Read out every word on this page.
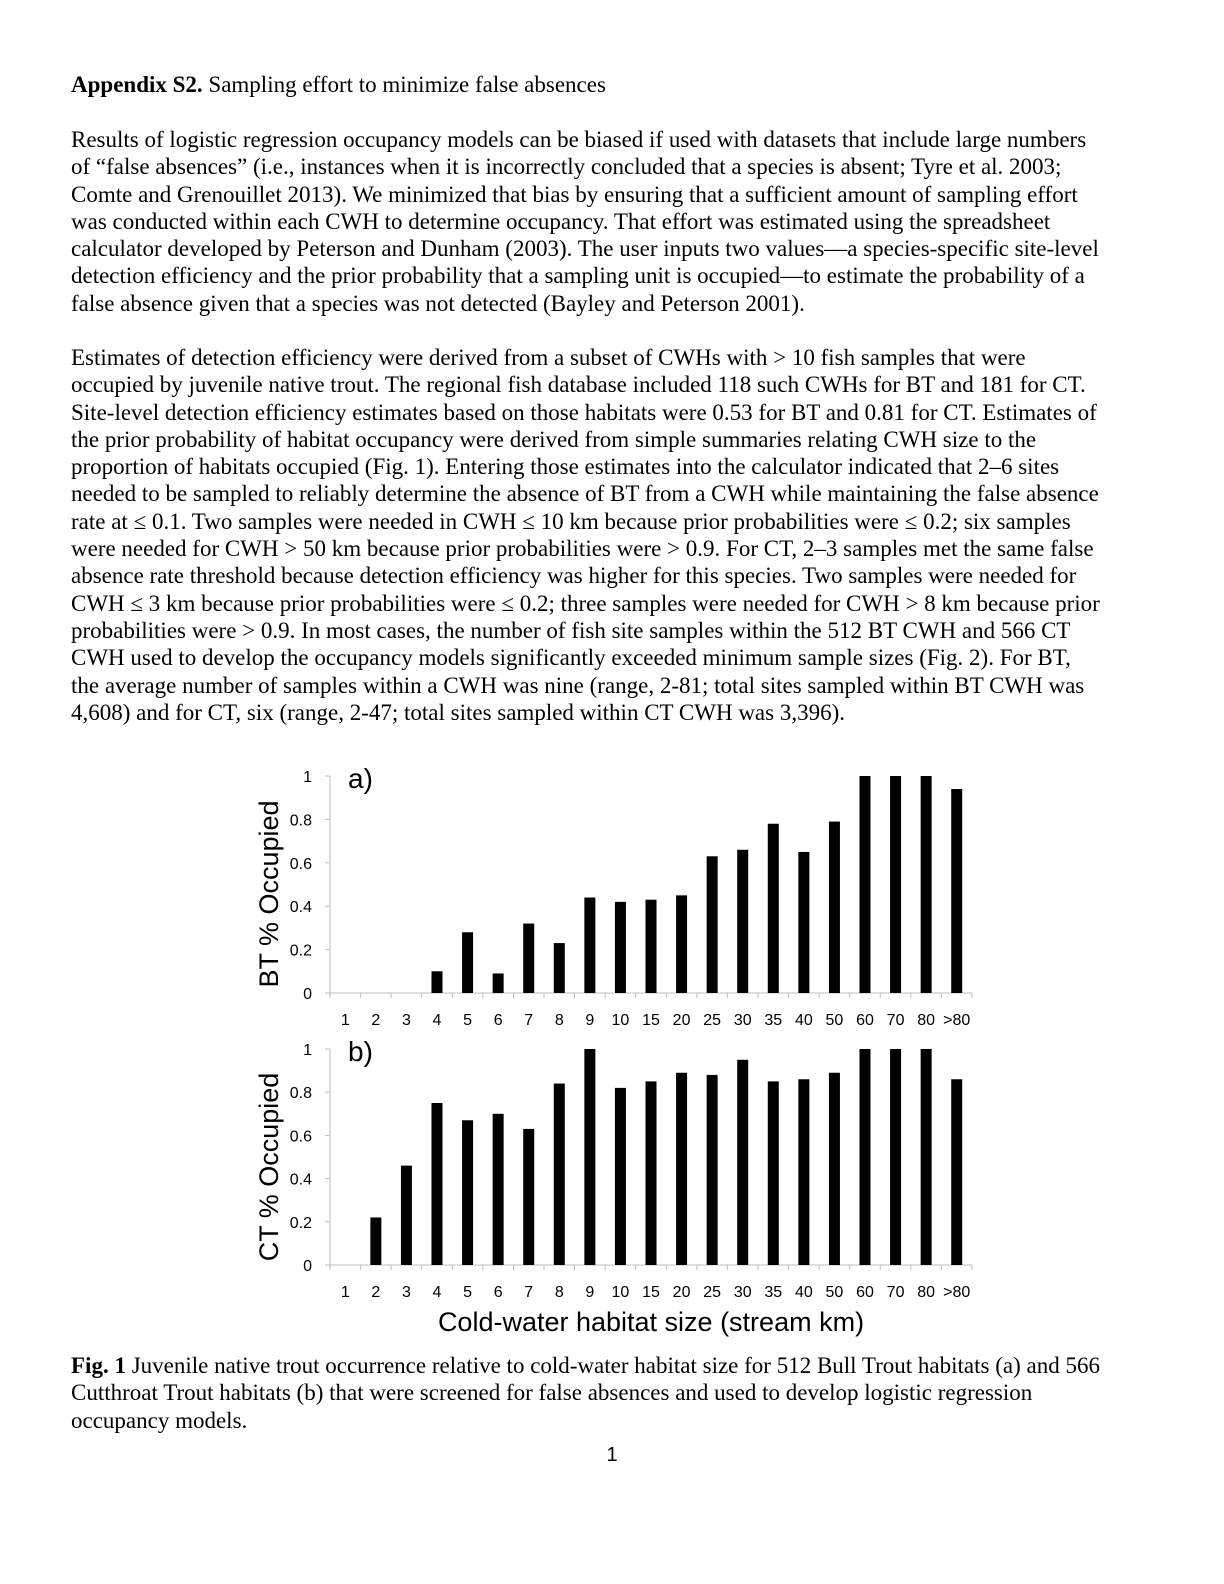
Appendix S2. Sampling effort to minimize false absences
Results of logistic regression occupancy models can be biased if used with datasets that include large numbers
of “false absences” (i.e., instances when it is incorrectly concluded that a species is absent; Tyre et al. 2003;
Comte and Grenouillet 2013). We minimized that bias by ensuring that a sufficient amount of sampling effort
was conducted within each CWH to determine occupancy. That effort was estimated using the spreadsheet
calculator developed by Peterson and Dunham (2003). The user inputs two values—a species-specific site-level
detection efficiency and the prior probability that a sampling unit is occupied—to estimate the probability of a
false absence given that a species was not detected (Bayley and Peterson 2001).
Estimates of detection efficiency were derived from a subset of CWHs with > 10 fish samples that were
occupied by juvenile native trout. The regional fish database included 118 such CWHs for BT and 181 for CT.
Site-level detection efficiency estimates based on those habitats were 0.53 for BT and 0.81 for CT. Estimates of
the prior probability of habitat occupancy were derived from simple summaries relating CWH size to the
proportion of habitats occupied (Fig. 1). Entering those estimates into the calculator indicated that 2–6 sites
needed to be sampled to reliably determine the absence of BT from a CWH while maintaining the false absence
rate at ≤ 0.1. Two samples were needed in CWH ≤ 10 km because prior probabilities were ≤ 0.2; six samples
were needed for CWH > 50 km because prior probabilities were > 0.9. For CT, 2–3 samples met the same false
absence rate threshold because detection efficiency was higher for this species. Two samples were needed for
CWH ≤ 3 km because prior probabilities were ≤ 0.2; three samples were needed for CWH > 8 km because prior
probabilities were > 0.9. In most cases, the number of fish site samples within the 512 BT CWH and 566 CT
CWH used to develop the occupancy models significantly exceeded minimum sample sizes (Fig. 2). For BT,
the average number of samples within a CWH was nine (range, 2-81; total sites sampled within BT CWH was
4,608) and for CT, six (range, 2-47; total sites sampled within CT CWH was 3,396).
0
0.2
0.4
0.6
0.8
1
1 2 3 4 5 6 7 8 9 10 15 20 25 30 35 40 50 60 70 80 >80
BT % Occupied
a)
0
0.2
0.4
0.6
0.8
1
1 2 3 4 5 6 7 8 9 10 15 20 25 30 35 40 50 60 70 80 >80
CT % Occupied
b)
Cold-water habitat size (stream km)
Fig. 1 Juvenile native trout occurrence relative to cold-water habitat size for 512 Bull Trout habitats (a) and 566
Cutthroat Trout habitats (b) that were screened for false absences and used to develop logistic regression
occupancy models.
1
